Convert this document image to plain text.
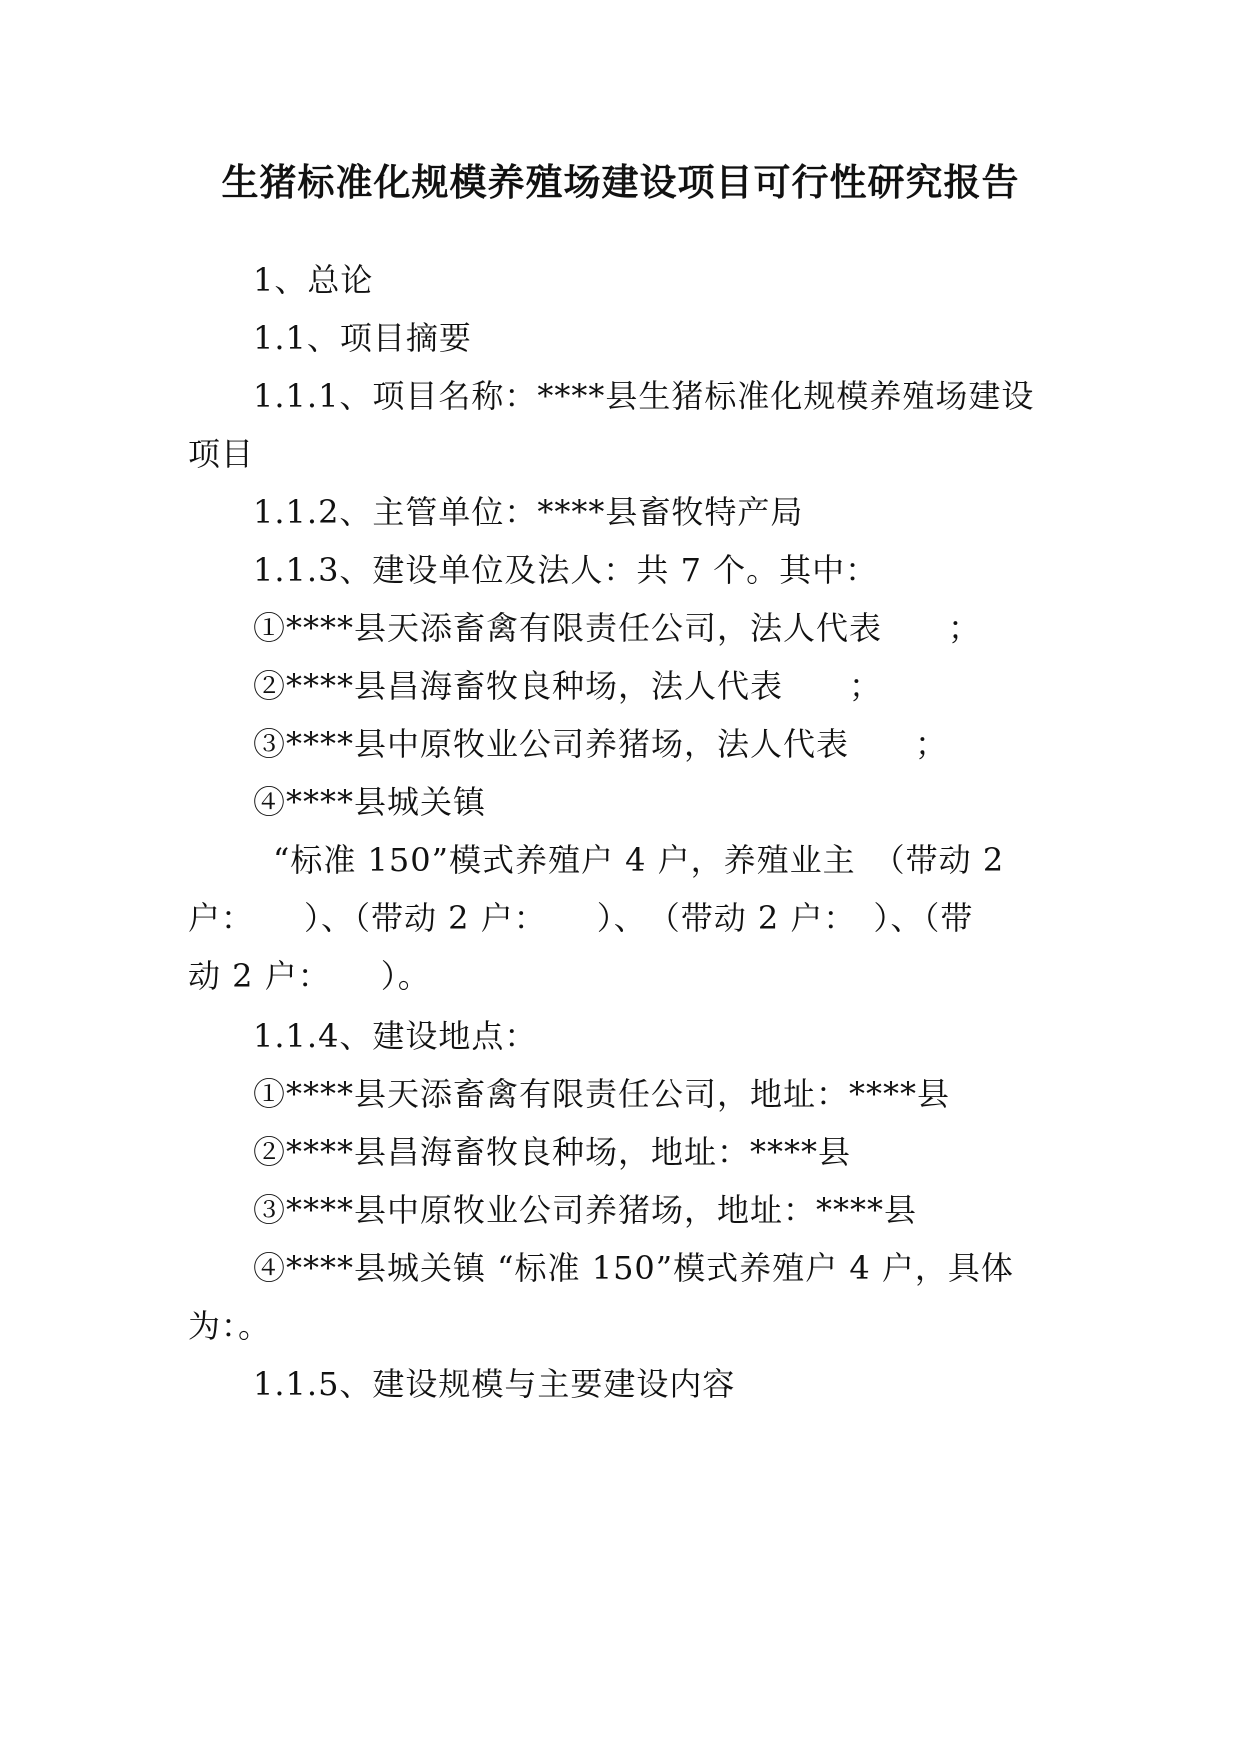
生猪标准化规模养殖场建设项目可行性研究报告
1、总论
1.1、项目摘要
1.1.1、项目名称：****县生猪标准化规模养殖场建设
项目
1.1.2、主管单位：****县畜牧特产局
1.1.3、建设单位及法人：共 7 个。其中：
①****县天添畜禽有限责任公司，法人代表　　；
②****县昌海畜牧良种场，法人代表　　；
③****县中原牧业公司养猪场，法人代表　　；
④****县城关镇
“标准 150”模式养殖户 4 户，养殖业主　（带动 2
户：　　）、（带动 2 户：　　）、　（带动 2 户：　）、（带
动 2 户：　　）。
1.1.4、建设地点：
①****县天添畜禽有限责任公司，地址：****县
②****县昌海畜牧良种场，地址：****县
③****县中原牧业公司养猪场，地址：****县
④****县城关镇 “标准 150”模式养殖户 4 户，具体
为：。
1.1.5、建设规模与主要建设内容
